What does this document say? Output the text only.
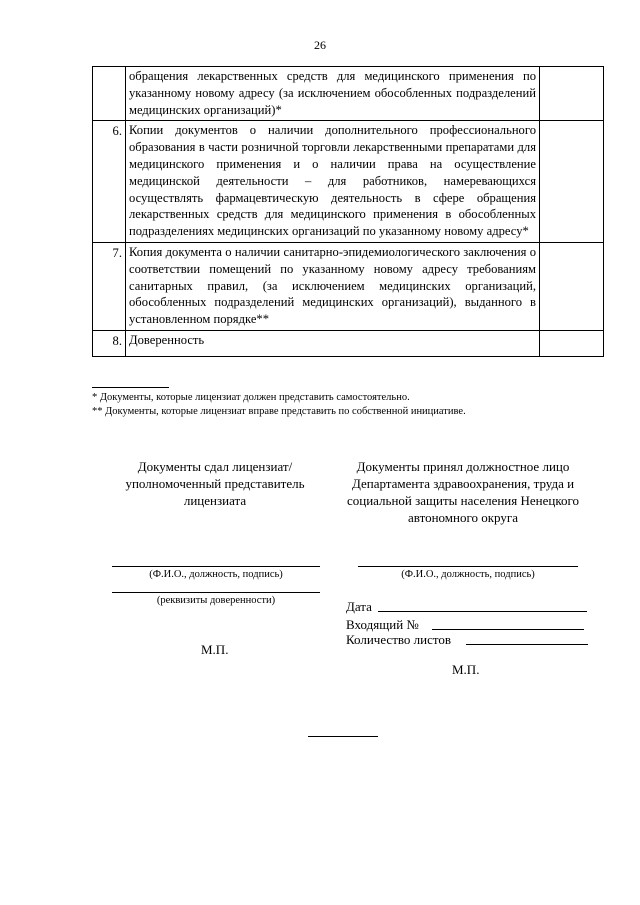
26
	обращения лекарственных средств для медицинского применения по указанному новому адресу (за исключением обособленных подразделений медицинских организаций)*	
6.	Копии документов о наличии дополнительного профессионального образования в части розничной торговли лекарственными препаратами для медицинского применения и о наличии права на осуществление медицинской деятельности – для работников, намеревающихся осуществлять фармацевтическую деятельность в сфере обращения лекарственных средств для медицинского применения в обособленных подразделениях медицинских организаций по указанному новому адресу*	
7.	Копия документа о наличии санитарно-эпидемиологического заключения о соответствии помещений по указанному новому адресу требованиям санитарных правил, (за исключением медицинских организаций, обособленных подразделений медицинских организаций), выданного в установленном порядке**	
8.	Доверенность	
* Документы, которые лицензиат должен представить самостоятельно.
** Документы, которые лицензиат вправе представить по собственной инициативе.
Документы сдал лицензиат/уполномоченный представитель лицензиата
(Ф.И.О., должность, подпись)
(реквизиты доверенности)
М.П.
Документы принял должностное лицо Департамента здравоохранения, труда и социальной защиты населения Ненецкого автономного округа
(Ф.И.О., должность, подпись)
Дата
Входящий №
Количество листов
М.П.
